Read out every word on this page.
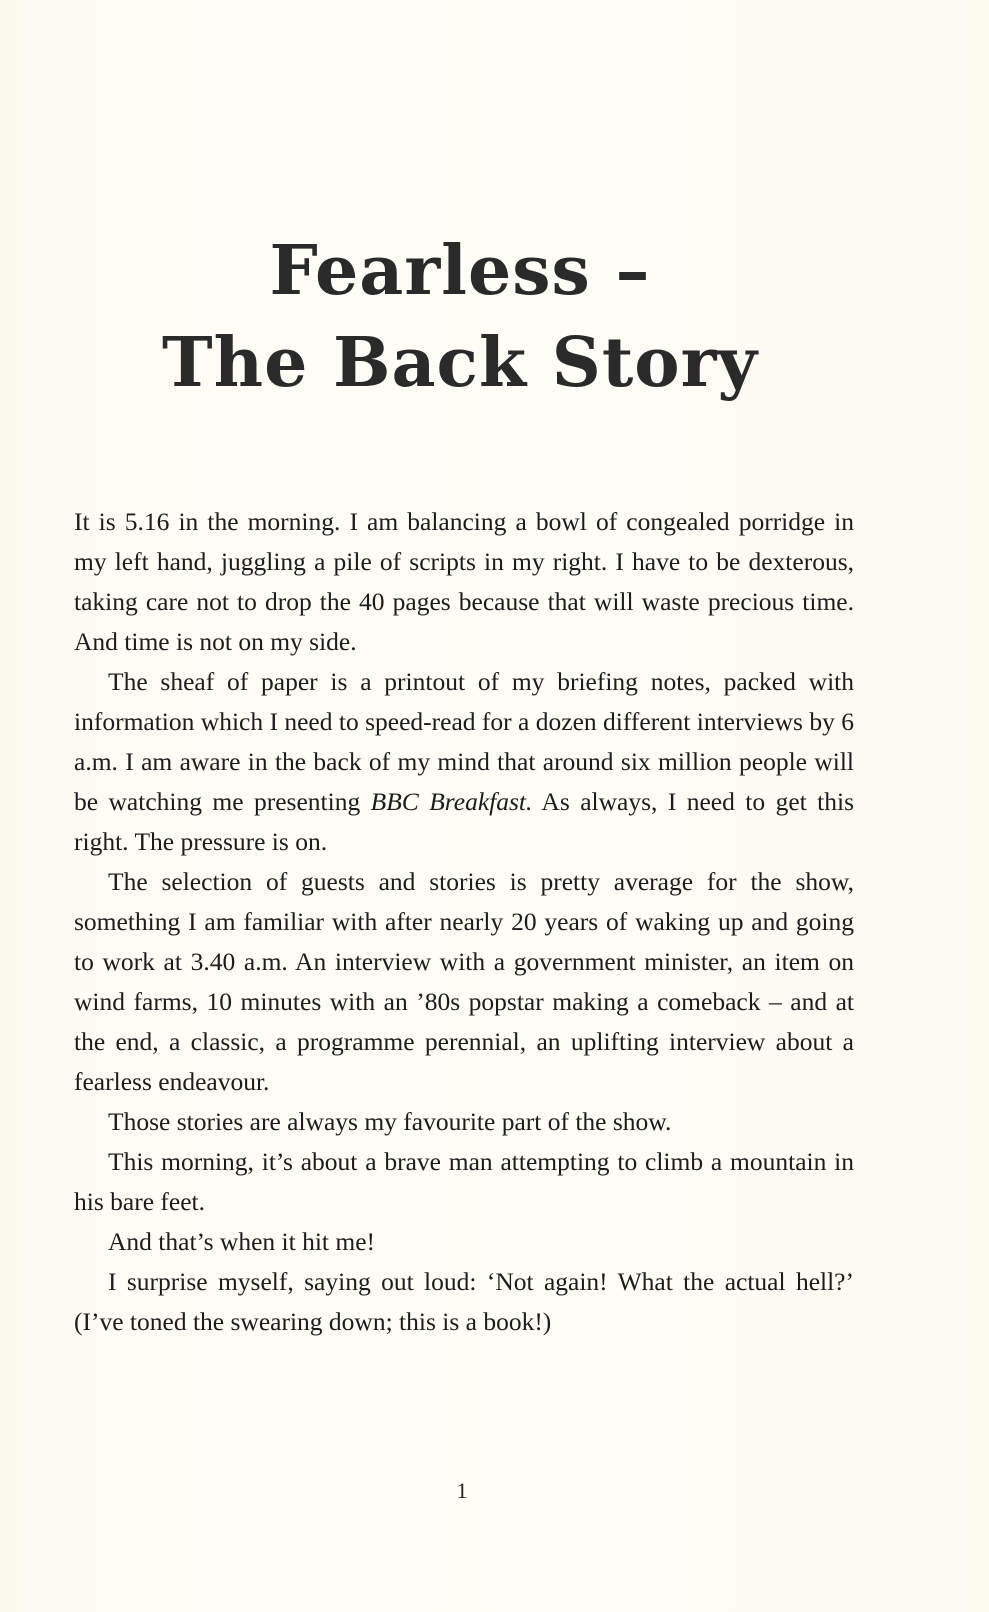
Fearless –
The Back Story

It is 5.16 in the morning. I am balancing a bowl of congealed porridge in my left hand, juggling a pile of scripts in my right. I have to be dexterous, taking care not to drop the 40 pages because that will waste precious time. And time is not on my side.

The sheaf of paper is a printout of my briefing notes, packed with information which I need to speed-read for a dozen different interviews by 6 a.m. I am aware in the back of my mind that around six million people will be watching me presenting BBC Breakfast. As always, I need to get this right. The pressure is on.

The selection of guests and stories is pretty average for the show, something I am familiar with after nearly 20 years of waking up and going to work at 3.40 a.m. An interview with a government minister, an item on wind farms, 10 minutes with an ’80s popstar making a comeback – and at the end, a classic, a programme perennial, an uplifting interview about a fearless endeavour.

Those stories are always my favourite part of the show.

This morning, it’s about a brave man attempting to climb a mountain in his bare feet.

And that’s when it hit me!

I surprise myself, saying out loud: ‘Not again! What the actual hell?’ (I’ve toned the swearing down; this is a book!)

1
